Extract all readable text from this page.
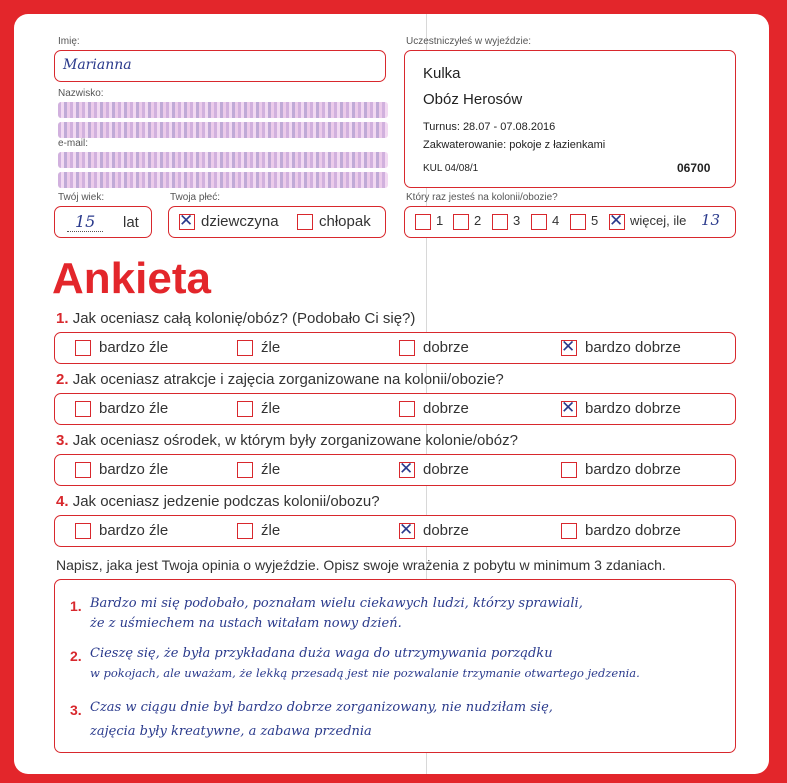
Imię:
Marianna
Nazwisko:
e-mail:
Twój wiek:
15	lat
Twoja płeć:
✕
dziewczyna	chłopak
Uczestniczyłeś w wyjeździe:
Kulka
Obóz Herosów
Turnus: 28.07 - 07.08.2016
Zakwaterowanie: pokoje z łazienkami
KUL 04/08/1	06700
Który raz jesteś na kolonii/obozie?
1 2 3 4 5 ✕ więcej, ile 13
Ankieta
1. Jak oceniasz całą kolonię/obóz? (Podobało Ci się?)
bardzo źle	źle	dobrze ✕	bardzo dobrze
2. Jak oceniasz atrakcje i zajęcia zorganizowane na kolonii/obozie?
bardzo źle	źle	dobrze ✕	bardzo dobrze
3. Jak oceniasz ośrodek, w którym były zorganizowane kolonie/obóz?
bardzo źle	źle ✕	dobrze	bardzo dobrze
4. Jak oceniasz jedzenie podczas kolonii/obozu?
bardzo źle	źle ✕	dobrze	bardzo dobrze
Napisz, jaka jest Twoja opinia o wyjeździe. Opisz swoje wrażenia z pobytu w minimum 3 zdaniach.
1. Bardzo mi się podobało, poznałam wielu ciekawych ludzi, którzy sprawiali,
że z uśmiechem na ustach witałam nowy dzień.
2. Cieszę się, że była przykładana duża waga do utrzymywania porządku
w pokojach, ale uważam, że lekką przesadą jest nie pozwalanie trzymanie otwartego jedzenia.
3. Czas w ciągu dnie był bardzo dobrze zorganizowany, nie nudziłam się,
zajęcia były kreatywne, a zabawa przednia
